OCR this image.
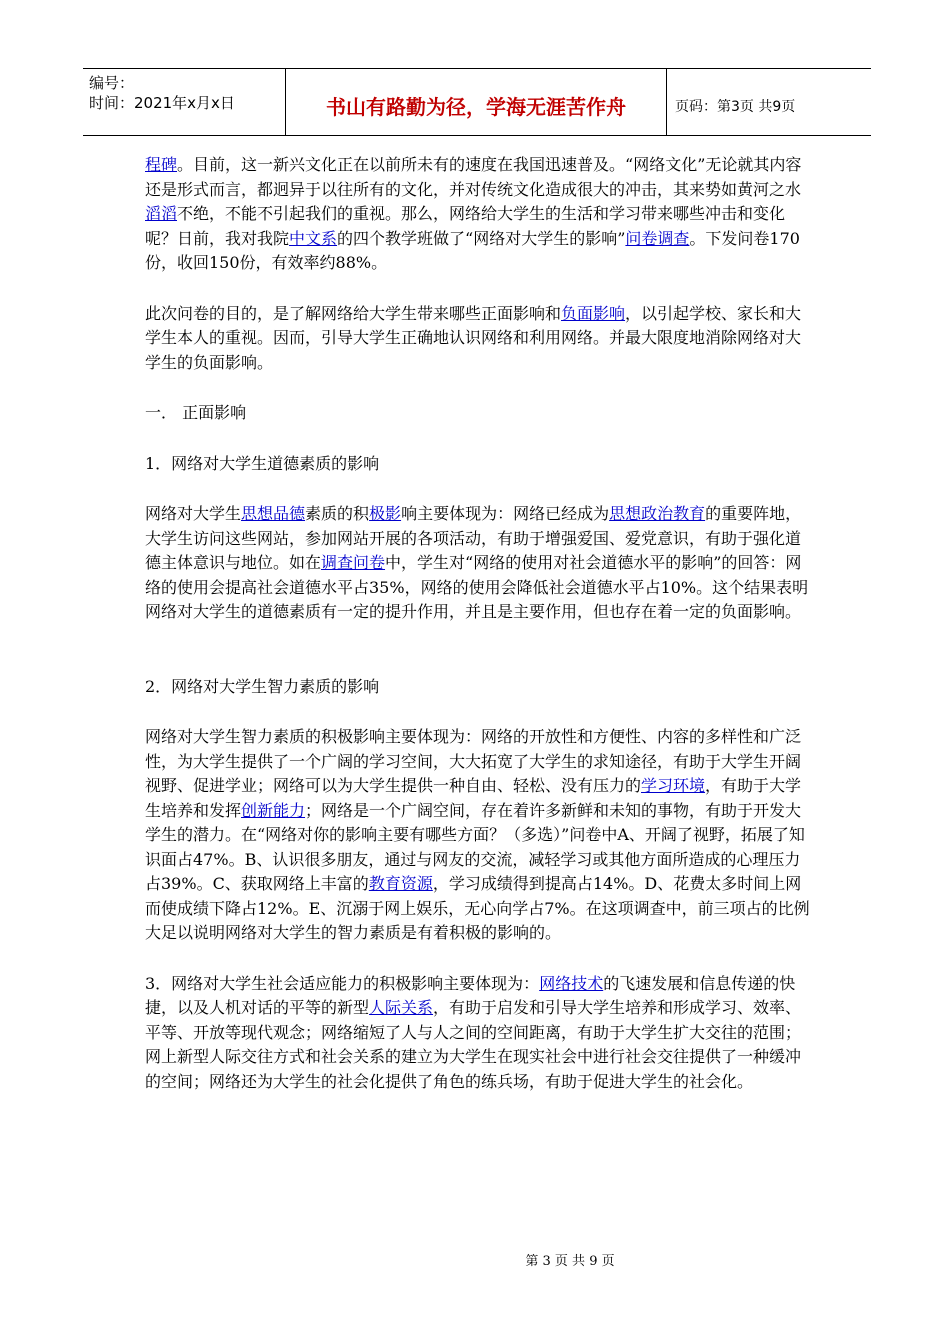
编号：
时间：2021年x月x日	书山有路勤为径，学海无涯苦作舟	页码：第3页 共9页

程碑。目前，这一新兴文化正在以前所未有的速度在我国迅速普及。“网络文化”无论就其内容还是形式而言，都迥异于以往所有的文化，并对传统文化造成很大的冲击，其来势如黄河之水滔滔不绝，不能不引起我们的重视。那么，网络给大学生的生活和学习带来哪些冲击和变化呢？日前，我对我院中文系的四个教学班做了“网络对大学生的影响”问卷调查。下发问卷170份，收回150份，有效率约88%。

此次问卷的目的，是了解网络给大学生带来哪些正面影响和负面影响，以引起学校、家长和大学生本人的重视。因而，引导大学生正确地认识网络和利用网络。并最大限度地消除网络对大学生的负面影响。

一． 正面影响

1．网络对大学生道德素质的影响

网络对大学生思想品德素质的积极影响主要体现为：网络已经成为思想政治教育的重要阵地，大学生访问这些网站，参加网站开展的各项活动，有助于增强爱国、爱党意识，有助于强化道德主体意识与地位。如在调查问卷中，学生对“网络的使用对社会道德水平的影响”的回答：网络的使用会提高社会道德水平占35%，网络的使用会降低社会道德水平占10%。这个结果表明网络对大学生的道德素质有一定的提升作用，并且是主要作用，但也存在着一定的负面影响。

2．网络对大学生智力素质的影响

网络对大学生智力素质的积极影响主要体现为：网络的开放性和方便性、内容的多样性和广泛性，为大学生提供了一个广阔的学习空间，大大拓宽了大学生的求知途径，有助于大学生开阔视野、促进学业；网络可以为大学生提供一种自由、轻松、没有压力的学习环境，有助于大学生培养和发挥创新能力；网络是一个广阔空间，存在着许多新鲜和未知的事物，有助于开发大学生的潜力。在“网络对你的影响主要有哪些方面？（多选）”问卷中A、开阔了视野，拓展了知识面占47%。B、认识很多朋友，通过与网友的交流，减轻学习或其他方面所造成的心理压力占39%。C、获取网络上丰富的教育资源，学习成绩得到提高占14%。D、花费太多时间上网而使成绩下降占12%。E、沉溺于网上娱乐，无心向学占7%。在这项调查中，前三项占的比例大足以说明网络对大学生的智力素质是有着积极的影响的。

3．网络对大学生社会适应能力的积极影响主要体现为：网络技术的飞速发展和信息传递的快捷，以及人机对话的平等的新型人际关系，有助于启发和引导大学生培养和形成学习、效率、平等、开放等现代观念；网络缩短了人与人之间的空间距离，有助于大学生扩大交往的范围；网上新型人际交往方式和社会关系的建立为大学生在现实社会中进行社会交往提供了一种缓冲的空间；网络还为大学生的社会化提供了角色的练兵场，有助于促进大学生的社会化。

第 3 页 共 9 页
